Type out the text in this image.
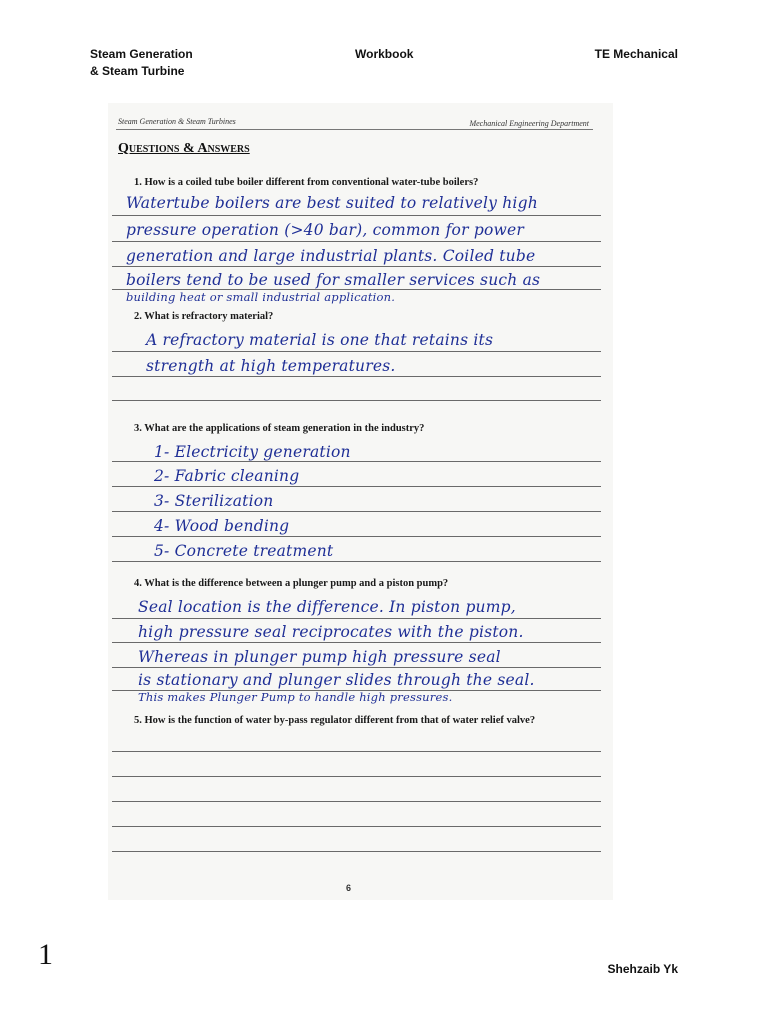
Steam Generation
& Steam Turbine
Workbook	TE Mechanical
Steam Generation & Steam Turbines	Mechanical Engineering Department
Questions & Answers
1. How is a coiled tube boiler different from conventional water-tube boilers?
Watertube boilers are best suited to relatively high
pressure operation (>40 bar), common for power
generation and large industrial plants. Coiled tube
boilers tend to be used for smaller services such as
building heat or small industrial application.
2. What is refractory material?
A refractory material is one that retains its
strength at high temperatures.
3. What are the applications of steam generation in the industry?
1- Electricity generation
2- Fabric cleaning
3- Sterilization
4- Wood bending
5- Concrete treatment
4. What is the difference between a plunger pump and a piston pump?
Seal location is the difference. In piston pump,
high pressure seal reciprocates with the piston.
Whereas in plunger pump high pressure seal
is stationary and plunger slides through the seal.
This makes Plunger Pump to handle high pressures.
5. How is the function of water by-pass regulator different from that of water relief valve?
6
1	Shehzaib Yk
